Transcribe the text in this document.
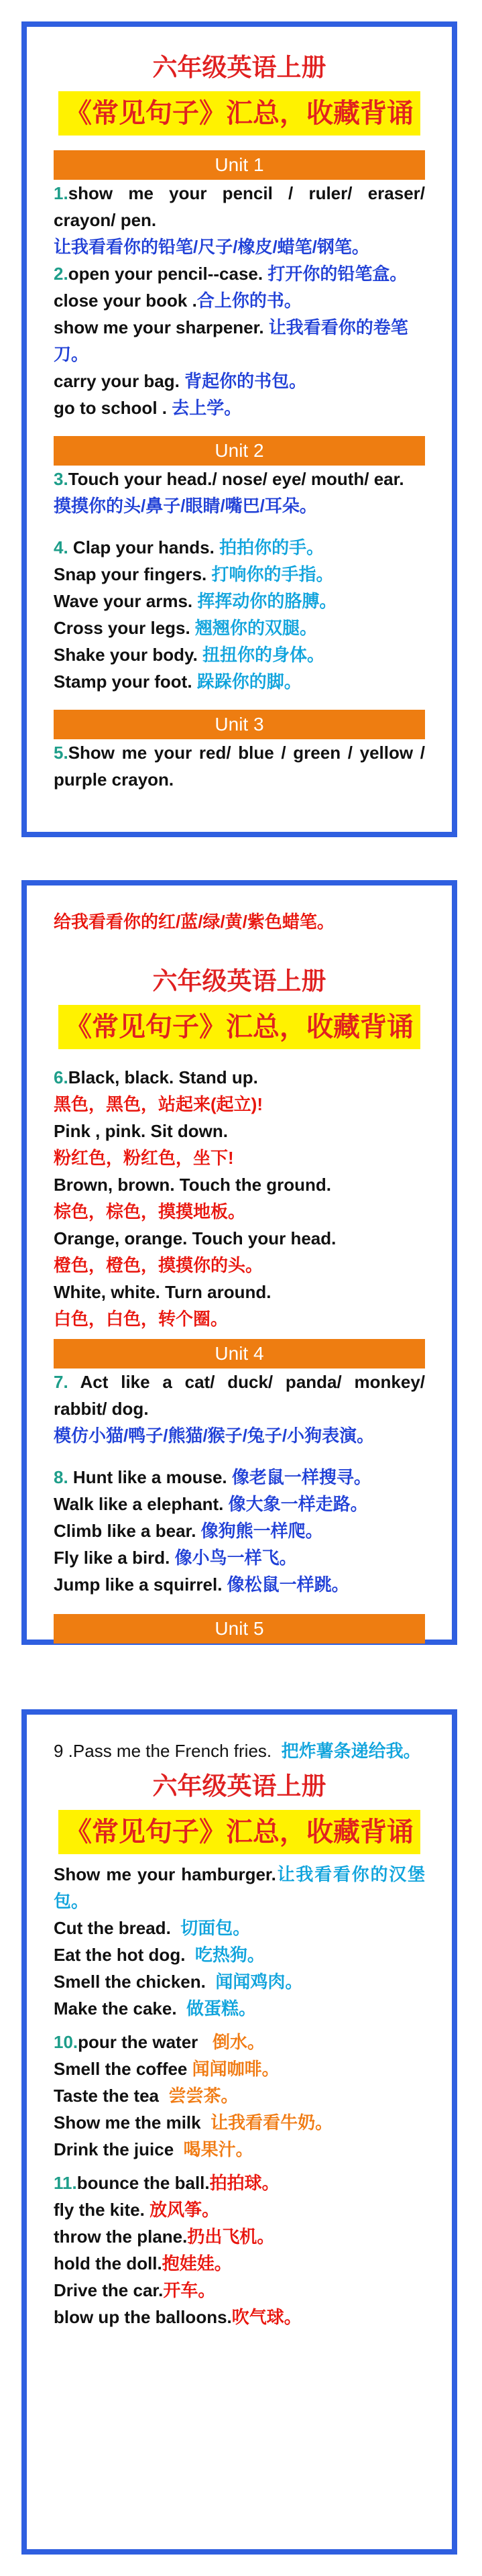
六年级英语上册
《常见句子》汇总，收藏背诵
Unit 1
1.show me your pencil / ruler/ eraser/ crayon/ pen.
让我看看你的铅笔/尺子/橡皮/蜡笔/钢笔。
2.open your pencil--case. 打开你的铅笔盒。
close your book .合上你的书。
show me your sharpener. 让我看看你的卷笔刀。
carry your bag. 背起你的书包。
go to school . 去上学。
Unit 2
3.Touch your head./ nose/ eye/ mouth/ ear.
摸摸你的头/鼻子/眼睛/嘴巴/耳朵。
4. Clap your hands. 拍拍你的手。
Snap your fingers. 打响你的手指。
Wave your arms. 挥挥动你的胳膊。
Cross your legs. 翘翘你的双腿。
Shake your body. 扭扭你的身体。
Stamp your foot. 跺跺你的脚。
Unit 3
5.Show me your red/ blue / green / yellow / purple crayon.
给我看看你的红/蓝/绿/黄/紫色蜡笔。
六年级英语上册
《常见句子》汇总，收藏背诵
6.Black, black. Stand up.
黑色，黑色，站起来(起立)!
Pink , pink. Sit down.
粉红色，粉红色，坐下!
Brown, brown. Touch the ground.
棕色，棕色，摸摸地板。
Orange, orange. Touch your head.
橙色，橙色，摸摸你的头。
White, white. Turn around.
白色，白色，转个圈。
Unit 4
7. Act like a cat/ duck/ panda/ monkey/ rabbit/ dog.
模仿小猫/鸭子/熊猫/猴子/兔子/小狗表演。
8. Hunt like a mouse. 像老鼠一样搜寻。
Walk like a elephant. 像大象一样走路。
Climb like a bear. 像狗熊一样爬。
Fly like a bird. 像小鸟一样飞。
Jump like a squirrel. 像松鼠一样跳。
Unit 5
9 .Pass me the French fries. 把炸薯条递给我。
六年级英语上册
《常见句子》汇总，收藏背诵
Show me your hamburger.让我看看你的汉堡包。
Cut the bread. 切面包。
Eat the hot dog. 吃热狗。
Smell the chicken. 闻闻鸡肉。
Make the cake. 做蛋糕。
10.pour the water 倒水。
Smell the coffee 闻闻咖啡。
Taste the tea 尝尝茶。
Show me the milk 让我看看牛奶。
Drink the juice 喝果汁。
11.bounce the ball.拍拍球。
fly the kite. 放风筝。
throw the plane.扔出飞机。
hold the doll.抱娃娃。
Drive the car.开车。
blow up the balloons.吹气球。
